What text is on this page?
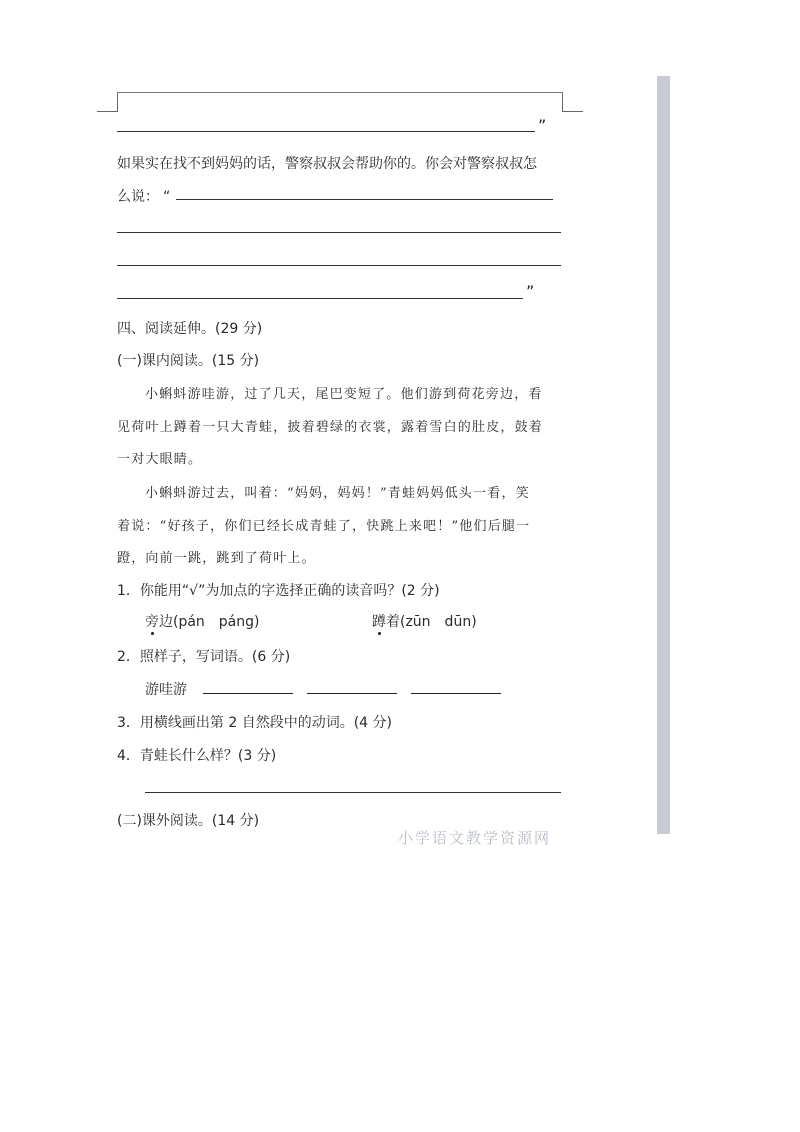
”
如果实在找不到妈妈的话，警察叔叔会帮助你的。你会对警察叔叔怎
么说： “
”
四、阅读延伸。(29 分)
(一)课内阅读。(15 分)
小蝌蚪游哇游，过了几天，尾巴变短了。他们游到荷花旁边，看
见荷叶上蹲着一只大青蛙，披着碧绿的衣裳，露着雪白的肚皮，鼓着
一对大眼睛。
小蝌蚪游过去，叫着：“妈妈，妈妈！”青蛙妈妈低头一看，笑
着说：“好孩子，你们已经长成青蛙了，快跳上来吧！”他们后腿一
蹬，向前一跳，跳到了荷叶上。
1．你能用“√”为加点的字选择正确的读音吗？(2 分)
旁边(pán　páng)	蹲着(zūn　dūn)
2．照样子，写词语。(6 分)
游哇游
3．用横线画出第 2 自然段中的动词。(4 分)
4．青蛙长什么样？(3 分)
(二)课外阅读。(14 分)
小学语文教学资源网
